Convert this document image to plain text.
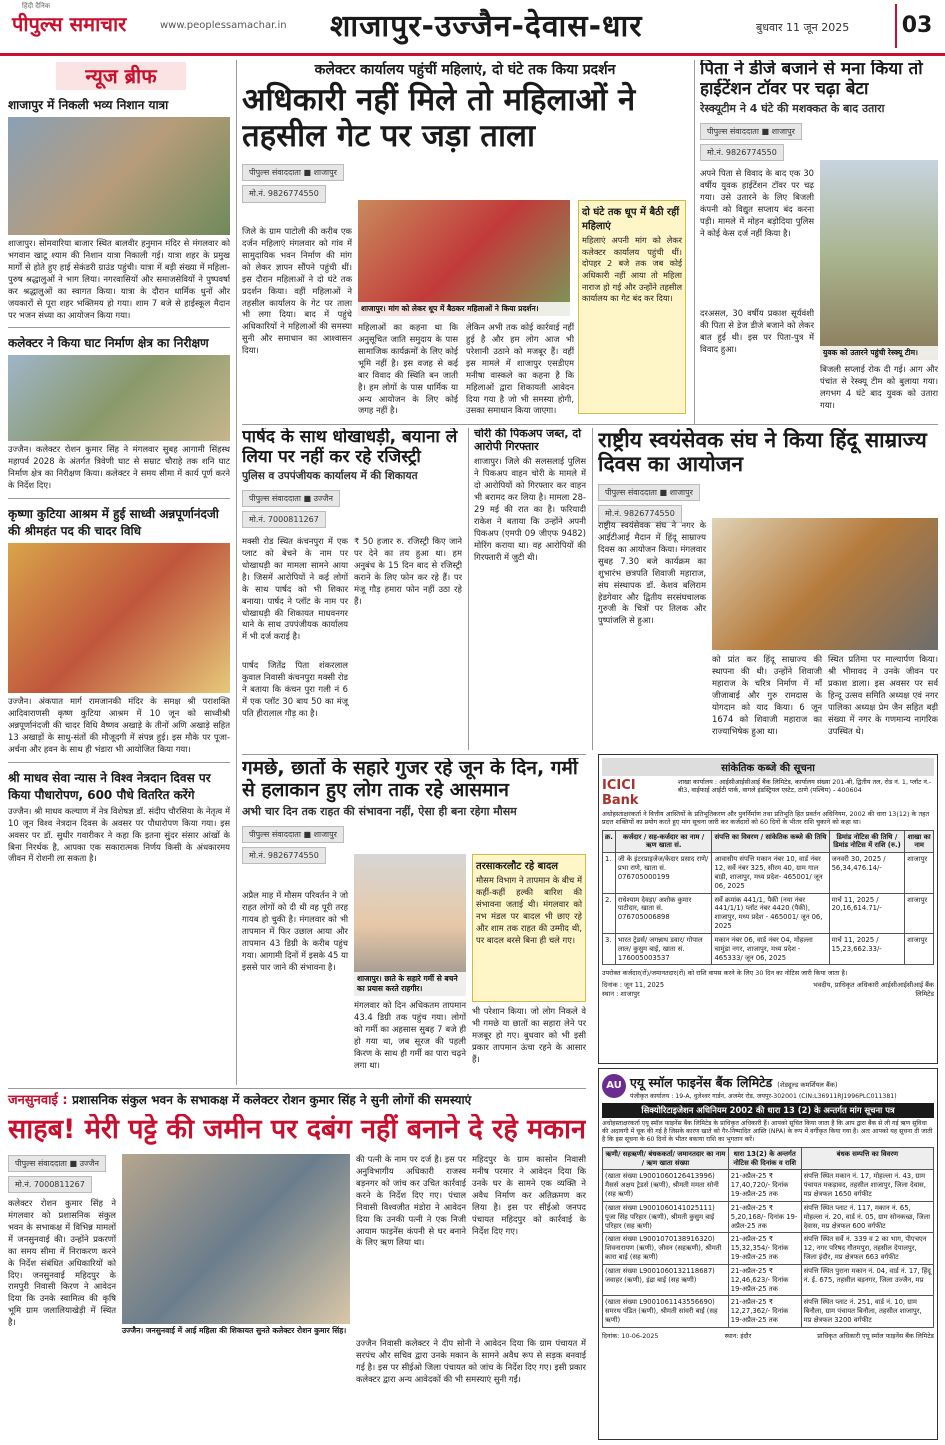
हिंदी दैनिक
पीपुल्स समाचार	www.peoplessamachar.in शाजापुर-उज्जैन-देवास-धार	बुधवार 11 जून 2025	03
न्यूज ब्रीफ
शाजापुर में निकली भव्य निशान यात्रा

शाजापुर। सोमवारिया बाजार स्थित बालवीर हनुमान मंदिर से मंगलवार को भगवान खाटू श्याम की निशान यात्रा निकाली गई। यात्रा शहर के प्रमुख मार्गों से होते हुए हाई सेकंडरी ग्राउंड पहुंची। यात्रा में बड़ी संख्या में महिला-पुरुष श्रद्धालुओं ने भाग लिया। नगरवासियों और समाजसेवियों ने पुष्पवर्षा कर श्रद्धालुओं का स्वागत किया। यात्रा के दौरान धार्मिक धुनों और जयकारों से पूरा शहर भक्तिमय हो गया। शाम 7 बजे से हाईस्कूल मैदान पर भजन संध्या का आयोजन किया गया।

कलेक्टर ने किया घाट निर्माण क्षेत्र का निरीक्षण

उज्जैन। कलेक्टर रोशन कुमार सिंह ने मंगलवार सुबह आगामी सिंहस्थ महापर्व 2028 के अंतर्गत त्रिवेणी घाट से सम्राट चौराहे तक शनि घाट निर्माण क्षेत्र का निरीक्षण किया। कलेक्टर ने समय सीमा में कार्य पूर्ण करने के निर्देश दिए।

कृष्णा कुटिया आश्रम में हुई साध्वी अन्नपूर्णानंदजी की श्रीमहंत पद की चादर विधि

उज्जैन। अंकपात मार्ग रामजानकी मंदिर के समक्ष श्री पराशक्ति आदिवाराणसी कृष्ण कुटिया आश्रम में 10 जून को साध्वीश्री अन्नपूर्णानंदजी की चादर विधि वैष्णव अखाड़े के तीनों अणि अखाड़े सहित 13 अखाड़ों के साधु-संतों की मौजूदगी में संपन्न हुई। इस मौके पर पूजा-अर्चना और हवन के साथ ही भंडारा भी आयोजित किया गया।

श्री माधव सेवा न्यास ने विश्व नेत्रदान दिवस पर किया पौधारोपण, 600 पौधे वितरित करेंगे

उज्जैन। श्री माधव कल्याण में नेत्र विशेषज्ञ डॉ. संदीप चौरसिया के नेतृत्व में 10 जून विश्व नेत्रदान दिवस के अवसर पर पौधारोपण किया गया। इस अवसर पर डॉ. सुधीर गवारीकर ने कहा कि इतना सुंदर संसार आंखों के बिना निरर्थक है, आपका एक सकारात्मक निर्णय किसी के अंधकारमय जीवन में रोशनी ला सकता है।

कलेक्टर कार्यालय पहुंचीं महिलाएं, दो घंटे तक किया प्रदर्शन
अधिकारी नहीं मिले तो महिलाओं ने तहसील गेट पर जड़ा ताला
पीपुल्स संवाददाता ■ शाजापुर
मो.नं. 9826774550

जिले के ग्राम पाटोली की करीब एक दर्जन महिलाएं मंगलवार को गांव में सामुदायिक भवन निर्माण की मांग को लेकर ज्ञापन सौंपने पहुंची थीं। इस दौरान महिलाओं ने दो घंटे तक प्रदर्शन किया। वहीं महिलाओं ने तहसील कार्यालय के गेट पर ताला भी लगा दिया। बाद में पहुंचे अधिकारियों ने महिलाओं की समस्या सुनी और समाधान का आश्वासन दिया।

शाजापुर। मांग को लेकर धूप में बैठकर महिलाओं ने किया प्रदर्शन।

महिलाओं का कहना था कि अनुसूचित जाति समुदाय के पास सामाजिक कार्यक्रमों के लिए कोई भूमि नहीं है। इस वजह से कई बार विवाद की स्थिति बन जाती है। हम लोगों के पास धार्मिक या अन्य आयोजन के लिए कोई जगह नहीं है।

लेकिन अभी तक कोई कार्रवाई नहीं हुई है और हम लोग आज भी परेशानी उठाने को मजबूर हैं। वहीं इस मामले में शाजापुर एसडीएम मनीषा वास्कले का कहना है कि महिलाओं द्वारा शिकायती आवेदन दिया गया है जो भी समस्या होगी, उसका समाधान किया जाएगा।

दो घंटे तक धूप में बैठी रहीं महिलाएं

महिलाएं अपनी मांग को लेकर कलेक्टर कार्यालय पहुंची थीं। दोपहर 2 बजे तक जब कोई अधिकारी नहीं आया तो महिला नाराज हो गई और उन्होंने तहसील कार्यालय का गेट बंद कर दिया।

पिता ने डीजे बजाने से मना किया तो हाईटेंशन टॉवर पर चढ़ा बेटा
रेस्क्यूटीम ने 4 घंटे की मशक्कत के बाद उतारा
पीपुल्स संवाददाता ■ शाजापुर
मो.नं. 9826774550

अपने पिता से विवाद के बाद एक 30 वर्षीय युवक हाईटेंशन टॉवर पर चढ़ गया। उसे उतारने के लिए बिजली कंपनी को विद्युत सप्लाय बंद करना पड़ी। मामले में मोहन बड़ोदिया पुलिस ने कोई केस दर्ज नहीं किया है।

युवक को उतारने पहुंची रेस्क्यू टीम।

दरअसल, 30 वर्षीय प्रकाश सूर्यवंशी की पिता से डेज डीजे बजाने को लेकर बात हुई थी। इस पर पिता-पुत्र में विवाद हुआ।

बिजली सप्लाई रोक दी गई। आग और पंचांत से रेस्क्यू टीम को बुलाया गया। लगभग 4 घंटे बाद युवक को उतारा गया।

पार्षद के साथ धोखाधड़ी, बयाना ले लिया पर नहीं कर रहे रजिस्ट्री
पुलिस व उपपंजीयक कार्यालय में की शिकायत
पीपुल्स संवाददाता ■ उज्जैन
मो.नं. 7000811267

मक्सी रोड स्थित कंचनपुरा में एक प्लाट को बेचने के नाम पर धोखाधड़ी का मामला सामने आया है। जिसमें आरोपियों ने कई लोगों के साथ पार्षद को भी शिकार बनाया। पार्षद ने प्लॉट के नाम पर धोखाधड़ी की शिकायत माधवनगर थाने के साथ उपपंजीयक कार्यालय में भी दर्ज कराई है।

पार्षद जितेंद्र पिता शंकरलाल कुवाल निवासी कंचनपुरा मक्सी रोड ने बताया कि कंचन पुरा गली नं 6 में एक प्लॉट 30 बाय 50 का मंजू पति हीरालाल गौड़ का है।

₹ 50 हजार रु. रजिस्ट्री किए जाने पर देने का तय हुआ था। हम अनुबंध के 15 दिन बाद से रजिस्ट्री कराने के लिए फोन कर रहे हैं। पर मंजू गौड़ हमारा फोन नहीं उठा रहे हैं।

चोरी की पिकअप जब्त, दो आरोपी गिरफ्तार

शाजापुर। जिले की सलसलाई पुलिस ने पिकअप वाहन चोरी के मामले में दो आरोपियों को गिरफ्तार कर वाहन भी बरामद कर लिया है। मामला 28-29 मई की रात का है। फरियादी राकेश ने बताया कि उन्होंने अपनी पिकअप (एमपी 09 जीएफ 9482) मोरिंग कराया था। वह आरोपियों की गिरफ्तारी में जुटी थी।

राष्ट्रीय स्वयंसेवक संघ ने किया हिंदू साम्राज्य दिवस का आयोजन
पीपुल्स संवाददाता ■ शाजापुर
मो.नं. 9826774550

राष्ट्रीय स्वयंसेवक संघ ने नगर के आईटीआई मैदान में हिंदू साम्राज्य दिवस का आयोजन किया। मंगलवार सुबह 7.30 बजे कार्यक्रम का शुभारंभ छत्रपति शिवाजी महाराज, संघ संस्थापक डॉ. केशव बलिराम हेडगेवार और द्वितीय सरसंघचालक गुरुजी के चित्रों पर तिलक और पुष्पांजलि से हुआ।

को प्रांत कर हिंदू साम्राज्य की स्थापना की थी। उन्होंने शिवाजी महाराज के चरित्र निर्माण में माँ जीजाबाई और गुरु रामदास के योगदान को याद किया। 6 जून 1674 को शिवाजी महाराज का राज्याभिषेक हुआ था।

स्थित प्रतिमा पर माल्यार्पण किया। श्री भीमावद ने उनके जीवन पर प्रकाश डाला। इस अवसर पर सर्व हिन्दू उत्सव समिति अध्यक्ष एवं नगर पालिका अध्यक्ष प्रेम जैन सहित बड़ी संख्या में नगर के गणमान्य नागरिक उपस्थित थे।

गमछे, छातों के सहारे गुजर रहे जून के दिन, गर्मी से हलाकान हुए लोग ताक रहे आसमान
अभी चार दिन तक राहत की संभावना नहीं, ऐसा ही बना रहेगा मौसम
पीपुल्स संवाददाता ■ शाजापुर
मो.नं. 9826774550

अप्रैल माह में मौसम परिवर्तन ने जो राहत लोगों को दी थी वह पूरी तरह गायब हो चुकी है। मंगलवार को भी तापमान में फिर उछाल आया और तापमान 43 डिग्री के करीब पहुंच गया। आगामी दिनों में इसके 45 या इससे पार जाने की संभावना है।

शाजापुर। छाते के सहारे गर्मी से बचने का प्रयास करते राहगीर।

मंगलवार को दिन अधिकतम तापमान 43.4 डिग्री तक पहुंच गया। लोगों को गर्मी का अहसास सुबह 7 बजे ही हो गया था, जब सूरज की पहली किरण के साथ ही गर्मी का पारा चढ़ने लगा था।

तरसाकरलौट रहे बादल

मौसम विभाग ने तापमान के बीच में कहीं-कहीं हल्की बारिश की संभावना जताई थी। मंगलवार को नभ मंडल पर बादल भी छाए रहे और शाम तक राहत की उम्मीद थी, पर बादल बरसे बिना ही चले गए।

भी परेशान किया। जो लोग निकले वे भी गमछे या छातों का सहारा लेने पर मजबूर हो गए। बुधवार को भी इसी प्रकार तापमान ऊंचा रहने के आसार हैं।

सांकेतिक कब्जे की सूचना
ICICI Bank
शाखा कार्यालय : आईसीआईसीआई बैंक लिमिटेड, कार्यालय संख्या 201-बी, द्वितीय तल, रोड नं. 1, प्लॉट नं.-बी3, वाईफाई आईटी पार्क, वागले इंडस्ट्रियल एस्टेट, ठाणे (पश्चिम) - 400604

अधोहस्ताक्षरकर्ता ने वित्तीय आस्तियों के प्रतिभूतिकरण और पुनर्निर्माण तथा प्रतिभूति हित प्रवर्तन अधिनियम, 2002 की धारा 13(12) के तहत प्रदत्त शक्तियों का प्रयोग करते हुए मांग सूचना जारी कर कर्जदारों को 60 दिनों के भीतर राशि चुकाने को कहा था।

क्र.	कर्जदार / सह-कर्जदार का नाम / ऋण खाता सं.	संपत्ति का विवरण / सांकेतिक कब्जे की तिथि	डिमांड नोटिस की तिथि / डिमांड नोटिस में राशि (रु.)	शाखा का नाम
1.	जी के इंटरप्राइजेज/केदार प्रसाद राणे/प्रभा राणे, खाता सं. 076705000199	आवासीय संपत्ति मकान नंबर 10, वार्ड नंबर 12, सर्वे नंबर 325, सीरम 40, ग्राम गाल बाड़ी, शाजापुर, मध्य प्रदेश- 465001/ जून 06, 2025	जनवरी 30, 2025 / 56,34,476.14/-	शाजापुर
2.	राधेश्याम देवड़ा/ अशोक कुमार पाटीदार, खाता सं. 076705006898	सर्वे क्रमांक 441/1, पैकी (नया नंबर 441/1/1) प्लॉट नंबर 4420 (पैकी), शाजापुर, मध्य प्रदेश - 465001/ जून 06, 2025	मार्च 11, 2025 / 20,16,614.71/-	शाजापुर
3.	भारत ट्रेडर्स/ जगन्नाथ डवार/ गोपाल लाल/ कुसुम बाई, खाता सं. 176005003537	मकान नंबर 06, वार्ड नंबर 04, मोहल्ला चामुंडा नगर, शाजापुर, मध्य प्रदेश - 465333/ जून 06, 2025	मार्च 11, 2025 / 15,23,662.33/-	शाजापुर

उपरोक्त कर्जदार(रों)/जमानतदार(रों) को राशि वापस करने के लिए 30 दिन का नोटिस जारी किया जाता है।

दिनांक : जून 11, 2025
स्थान : शाजापुर
भवदीय, प्राधिकृत अधिकारी आईसीआईसीआई बैंक लिमिटेड
जनसुनवाई : प्रशासनिक संकुल भवन के सभाकक्ष में कलेक्टर रोशन कुमार सिंह ने सुनी लोगों की समस्याएं
साहब! मेरी पट्टे की जमीन पर दबंग नहीं बनाने दे रहे मकान
पीपुल्स संवाददाता ■ उज्जैन
मो.नं. 7000811267

कलेक्टर रोशन कुमार सिंह ने मंगलवार को प्रशासनिक संकुल भवन के सभाकक्ष में विभिन्न मामलों में जनसुनवाई की। उन्होंने प्रकरणों का समय सीमा में निराकरण करने के निर्देश संबंधित अधिकारियों को दिए। जनसुनवाई महिदपुर के रामपुरी निवासी किरण ने आवेदन दिया कि उनके स्वामित्व की कृषि भूमि ग्राम जलालियाखेड़ी में स्थित है।

उज्जैन। जनसुनवाई में आई महिला की शिकायत सुनते कलेक्टर रोशन कुमार सिंह।

की पत्नी के नाम पर दर्ज है। इस पर अनुविभागीय अधिकारी राजस्व बड़नगर को जांच कर उचित कार्रवाई करने के निर्देश दिए गए। पंचाल निवासी विश्वजीत मंडोरा ने आवेदन दिया कि उनकी पत्नी ने एक निजी आयाम फाइनेंस कंपनी से घर बनाने के लिए ऋण लिया था।

महिदपुर के ग्राम कासोन निवासी मनीष परमार ने आवेदन दिया कि उनके घर के सामने एक व्यक्ति ने अवैध निर्माण कर अतिक्रमण कर लिया है। इस पर सीईओ जनपद पंचायत महिदपुर को कार्रवाई के निर्देश दिए गए।

उज्जैन निवासी कलेक्टर ने दीप सोनी ने आवेदन दिया कि ग्राम पंचायत में सरपंच और सचिव द्वारा उनके मकान के सामने अवैध रूप से सड़क बनवाई गई है। इस पर सीईओ जिला पंचायत को जांच के निर्देश दिए गए। इसी प्रकार कलेक्टर द्वारा अन्य आवेदकों की भी समस्याएं सुनी गईं।

AU एयू स्मॉल फाइनेंस बैंक लिमिटेड (शेड्यूल्ड कमर्शियल बैंक)
पंजीकृत कार्यालय : 19-A, धुलेश्वर गार्डन, अजमेर रोड, जयपुर-302001 (CIN:L36911RJ1996PLC011381)
सिक्योरिटाइजेशन अधिनियम 2002 की धारा 13 (2) के अन्तर्गत मांग सूचना पत्र

अधोहस्ताक्षरकर्ता एयू स्मॉल फाइनेंस बैंक लिमिटेड के प्राधिकृत अधिकारी हैं। आपको सूचित किया जाता है कि आप द्वारा बैंक से ली गई ऋण सुविधा की अदायगी में चूक की गई है जिसके कारण खाते को गैर-निष्पादित आस्ति (NPA) के रूप में वर्गीकृत किया गया है। अतः आपको यह सूचना दी जाती है कि इस सूचना के 60 दिनों के भीतर बकाया राशि का भुगतान करें।

ऋणी/ सहऋणी/ बंधककर्ता/ जमानतदार का नाम / ऋण खाता संख्या	धारा 13(2) के अन्तर्गत नोटिस की दिनांक व राशि	बंधक सम्पत्ति का विवरण
(खाता संख्या L9001060126413996) मैसर्स अक्षय ट्रेडर्स (ऋणी), श्रीमती ममता सोनी (सह ऋणी)	21-अप्रैल-25 ₹ 17,40,720/- दिनांक 19-अप्रैल-25 तक	संपत्ति स्थित मकान नं. 17, मोहल्ला नं. 43, ग्राम पंचायत मकड़ावद, तहसील शाजापुर, जिला देवास, मप्र क्षेत्रफल 1650 वर्गफीट
(खाता संख्या L9001060141025111) पूजा सिंह परिहार (ऋणी), श्रीमती कुसुम बाई परिहार (सह ऋणी)	21-अप्रैल-25 ₹ 5,20,168/- दिनांक 19-अप्रैल-25 तक	संपत्ति स्थित प्लाट नं. 117, मकान नं. 65, मोहल्ला नं. 20, वार्ड नं. 05, ग्राम सोनकच्छ, जिला देवास, मप्र क्षेत्रफल 600 वर्गफीट
(खाता संख्या L9001070138916320) शिवनारायण (ऋणी), जीवन (सहऋणी), श्रीमती कारा बाई (सह ऋणी)	21-अप्रैल-25 ₹ 15,32,354/- दिनांक 19-अप्रैल-25 तक	संपत्ति स्थित सर्वे नं. 339 व 2 का भाग, पीएचएन 12, नगर परिषद गौतमपुरा, तहसील देपालपुर, जिला इंदौर, मप्र क्षेत्रफल 663 वर्गफीट
(खाता संख्या L9001060132118687) जवाहर (ऋणी), इंद्रा बाई (सह ऋणी)	21-अप्रैल-25 ₹ 12,46,623/- दिनांक 19-अप्रैल-25 तक	संपत्ति स्थित पुराना मकान नं. 04, वार्ड नं. 17, हिंदू नं. ई. 675, तहसील बड़नगर, जिला उज्जैन, मप्र
(खाता संख्या L9001061143556690) समरथ पंडित (ऋणी), श्रीमती सांवरी बाई (सह ऋणी)	21-अप्रैल-25 ₹ 12,27,362/- दिनांक 19-अप्रैल-25 तक	संपत्ति स्थित प्लाट नं. 251, वार्ड नं. 10, ग्राम बिनौला, ग्राम पंचायत बिनौला, तहसील शाजापुर, मप्र क्षेत्रफल 3200 वर्गफीट
दिनांक: 10-06-2025	स्थान: इंदौर	प्राधिकृत अधिकारी एयू स्मॉल फाइनेंस बैंक लिमिटेड
